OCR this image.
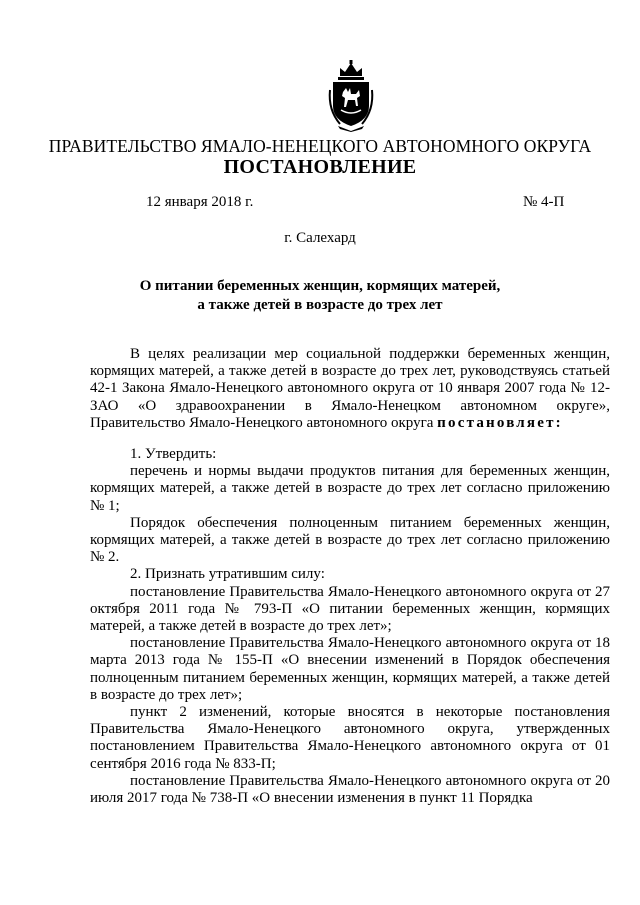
ПРАВИТЕЛЬСТВО ЯМАЛО-НЕНЕЦКОГО АВТОНОМНОГО ОКРУГА
ПОСТАНОВЛЕНИЕ
12 января 2018 г.	№ 4-П
г. Салехард
О питании беременных женщин, кормящих матерей,
а также детей в возрасте до трех лет

В целях реализации мер социальной поддержки беременных женщин, кормящих матерей, а также детей в возрасте до трех лет, руководствуясь статьей 42-1 Закона Ямало-Ненецкого автономного округа от 10 января 2007 года № 12-ЗАО «О здравоохранении в Ямало-Ненецком автономном округе», Правительство Ямало-Ненецкого автономного округа постановляет:

1. Утвердить:

перечень и нормы выдачи продуктов питания для беременных женщин, кормящих матерей, а также детей в возрасте до трех лет согласно приложению № 1;

Порядок обеспечения полноценным питанием беременных женщин, кормящих матерей, а также детей в возрасте до трех лет согласно приложению № 2.

2. Признать утратившим силу:

постановление Правительства Ямало-Ненецкого автономного округа от 27 октября 2011 года № 793-П «О питании беременных женщин, кормящих матерей, а также детей в возрасте до трех лет»;

постановление Правительства Ямало-Ненецкого автономного округа от 18 марта 2013 года № 155-П «О внесении изменений в Порядок обеспечения полноценным питанием беременных женщин, кормящих матерей, а также детей в возрасте до трех лет»;

пункт 2 изменений, которые вносятся в некоторые постановления Правительства Ямало-Ненецкого автономного округа, утвержденных постановлением Правительства Ямало-Ненецкого автономного округа от 01 сентября 2016 года № 833-П;

постановление Правительства Ямало-Ненецкого автономного округа от 20 июля 2017 года № 738-П «О внесении изменения в пункт 11 Порядка
